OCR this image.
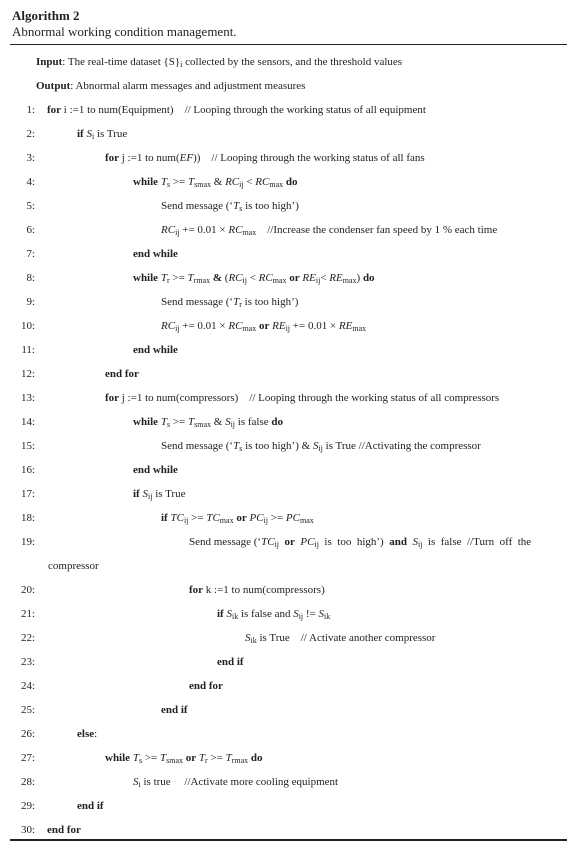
Algorithm 2
Abnormal working condition management.
Input: The real-time dataset $\{S\}_i$ collected by the sensors, and the threshold values
Output: Abnormal alarm messages and adjustment measures
1: for i :=1 to num(Equipment)    // Looping through the working status of all equipment
2:	if $S_i$ is True
3:	for j :=1 to num(EF))    // Looping through the working status of all fans
4:	while $T_s >= T_{smax}$ & $RC_{ij} < RC_{max}$ do
5:	Send message (‘$T_s$ is too high’)
6:	$RC_{ij} += 0.01 \times RC_{max}$    //Increase the condenser fan speed by 1 % each time
7:	end while
8:	while $T_r >= T_{rmax}$ & ($RC_{ij} < RC_{max}$ or $RE_{ij}< RE_{max}$) do
9:	Send message (‘$T_r$ is too high’)
10:	$RC_{ij} += 0.01 \times RC_{max}$ or $RE_{ij} += 0.01 \times RE_{max}$
11:	end while
12:	end for
13:	for j :=1 to num(compressors)    // Looping through the working status of all compressors
14:	while $T_s >= T_{smax}$ & $S_{ij}$ is false do
15:	Send message (‘$T_s$ is too high’) & $S_{ij}$ is True //Activating the compressor
16:	end while
17:	if $S_{ij}$ is True
18:	if $TC_{ij} >= TC_{max}$ or $PC_{ij} >= PC_{max}$
19:	Send message (‘$TC_{ij}$ or $PC_{ij}$  is  too  high’)  and $S_{ij}$  is  false  //Turn  off  the
compressor
20:	for k :=1 to num(compressors)
21:	if $S_{ik}$ is false and $S_{ij}$ != $S_{ik}$
22:	$S_{ik}$ is True    // Activate another compressor
23:	end if
24:	end for
25:	end if
26:	else:
27:	while $T_s >= T_{smax}$ or $T_r >= T_{rmax}$ do
28:	$S_i$ is true     //Activate more cooling equipment
29:	end if
30: end for
